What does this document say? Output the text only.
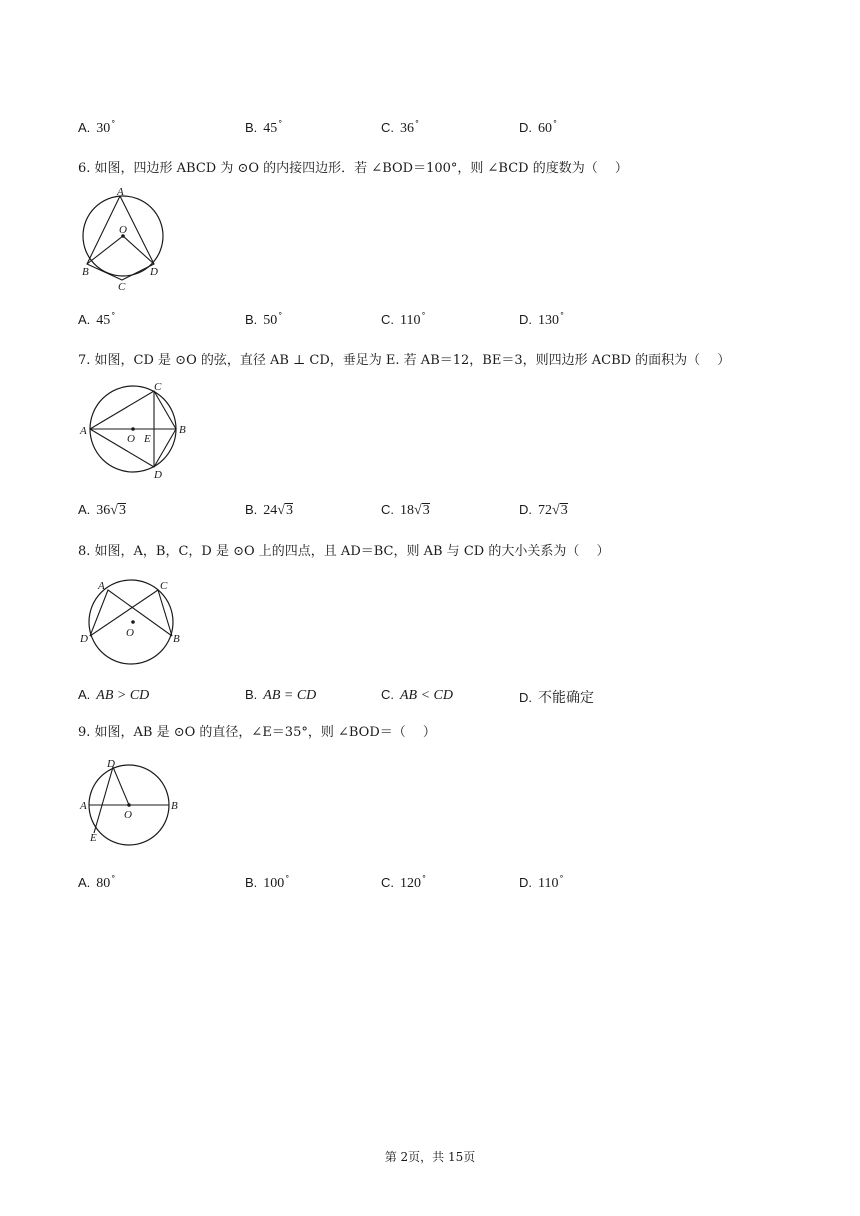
A. 30°	B. 45°	C. 36°	D. 60°
6. 如图，四边形 ABCD 为 ⊙O 的内接四边形．若 ∠BOD＝100°，则 ∠BCD 的度数为（　 ）
A
O
B
C
D
A. 45°	B. 50°	C. 110°	D. 130°
7. 如图，CD 是 ⊙O 的弦，直径 AB ⊥ CD，垂足为 E. 若 AB＝12，BE＝3，则四边形 ACBD 的面积为（　 ）
A
O E
B
C
D
A. 36√3	B. 24√3	C. 18√3	D. 72√3
8. 如图，A，B，C，D 是 ⊙O 上的四点，且 AD＝BC，则 AB 与 CD 的大小关系为（　 ）
A	C
D	O	B
A. AB > CD	B. AB = CD	C. AB < CD	D. 不能确定
9. 如图，AB 是 ⊙O 的直径，∠E＝35°，则 ∠BOD＝（　 ）
D
A
O
B
E
A. 80°	B. 100°	C. 120°	D. 110°
第 2页，共 15页
